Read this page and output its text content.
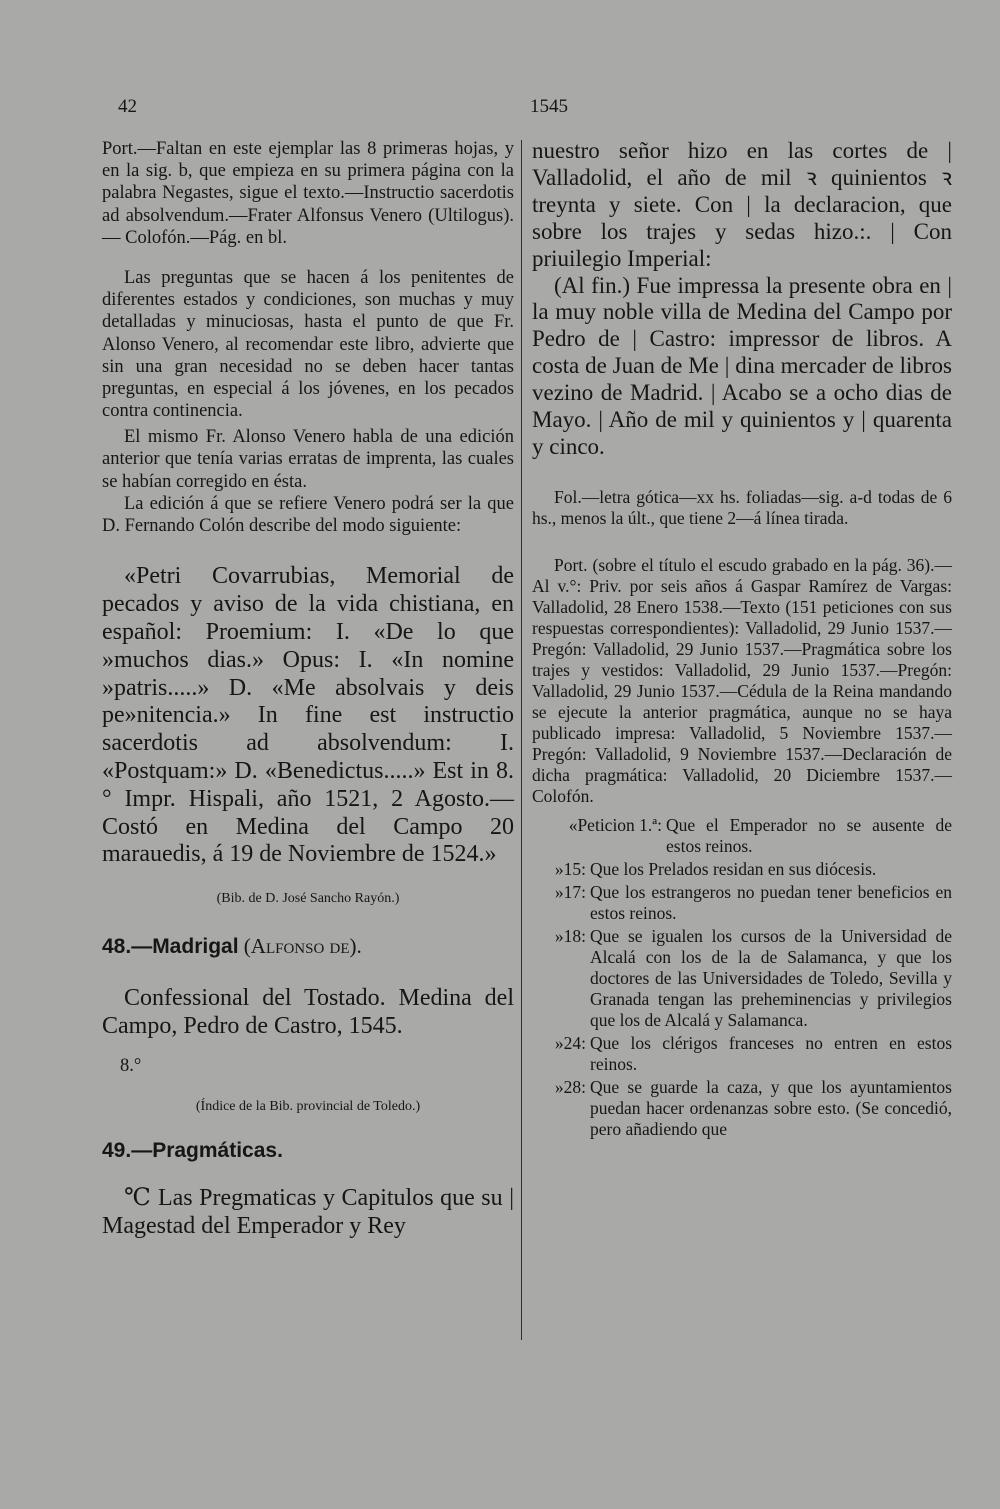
42	1545

Port.—Faltan en este ejemplar las 8 primeras hojas, y en la sig. b, que empieza en su primera página con la palabra Negastes, sigue el texto.—Instructio sacerdotis ad absolvendum.—Frater Alfonsus Venero (Ultilogus).— Colofón.—Pág. en bl.

Las preguntas que se hacen á los penitentes de diferentes estados y condiciones, son muchas y muy detalladas y minuciosas, hasta el punto de que Fr. Alonso Venero, al recomendar este libro, advierte que sin una gran necesidad no se deben hacer tantas preguntas, en especial á los jóvenes, en los pecados contra continencia.

El mismo Fr. Alonso Venero habla de una edición anterior que tenía varias erratas de imprenta, las cuales se habían corregido en ésta.

La edición á que se refiere Venero podrá ser la que D. Fernando Colón describe del modo siguiente:

«Petri Covarrubias, Memorial de pecados y aviso de la vida chistiana, en español: Proemium: I. «De lo que »muchos dias.» Opus: I. «In nomine »patris.....» D. «Me absolvais y deis pe»nitencia.» In fine est instructio sacerdotis ad absolvendum: I. «Postquam:» D. «Benedictus.....» Est in 8.° Impr. Hispali, año 1521, 2 Agosto.—Costó en Medina del Campo 20 marauedis, á 19 de Noviembre de 1524.»

(Bib. de D. José Sancho Rayón.)

48.—Madrigal (Alfonso de).

Confessional del Tostado. Medina del Campo, Pedro de Castro, 1545.

8.°

(Índice de la Bib. provincial de Toledo.)

49.—Pragmáticas.

℃ Las Pregmaticas y Capitulos que su | Magestad del Emperador y Rey

nuestro señor hizo en las cortes de | Valladolid, el año de mil ꝛ quinientos ꝛ treynta y siete. Con | la declaracion, que sobre los trajes y sedas hizo.:. | Con priuilegio Imperial:

(Al fin.) Fue impressa la presente obra en | la muy noble villa de Medina del Campo por Pedro de | Castro: impressor de libros. A costa de Juan de Me | dina mercader de libros vezino de Madrid. | Acabo se a ocho dias de Mayo. | Año de mil y quinientos y | quarenta y cinco.

Fol.—letra gótica—xx hs. foliadas—sig. a-d todas de 6 hs., menos la últ., que tiene 2—á línea tirada.

Port. (sobre el título el escudo grabado en la pág. 36).—Al v.°: Priv. por seis años á Gaspar Ramírez de Vargas: Valladolid, 28 Enero 1538.—Texto (151 peticiones con sus respuestas correspondientes): Valladolid, 29 Junio 1537.—Pregón: Valladolid, 29 Junio 1537.—Pragmática sobre los trajes y vestidos: Valladolid, 29 Junio 1537.—Pregón: Valladolid, 29 Junio 1537.—Cédula de la Reina mandando se ejecute la anterior pragmática, aunque no se haya publicado impresa: Valladolid, 5 Noviembre 1537.—Pregón: Valladolid, 9 Noviembre 1537.—Declaración de dicha pragmática: Valladolid, 20 Diciembre 1537.—Colofón.

«Peticion 1.ª: Que el Emperador no se ausente de estos reinos.
»15: Que los Prelados residan en sus diócesis.
»17: Que los estrangeros no puedan tener beneficios en estos reinos.
»18: Que se igualen los cursos de la Universidad de Alcalá con los de la de Salamanca, y que los doctores de las Universidades de Toledo, Sevilla y Granada tengan las preheminencias y privilegios que los de Alcalá y Salamanca.
»24: Que los clérigos franceses no entren en estos reinos.
»28: Que se guarde la caza, y que los ayuntamientos puedan hacer ordenanzas sobre esto. (Se concedió, pero añadiendo que
